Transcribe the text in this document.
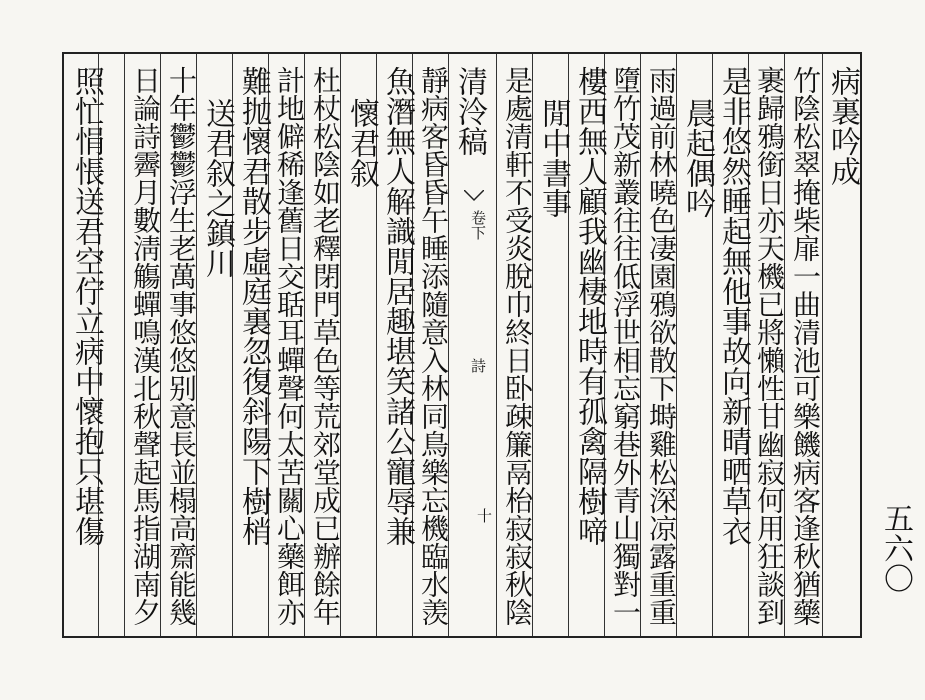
病裏吟成
竹陰松翠掩柴扉一曲清池可樂饑病客逢秋猶藥
裹歸鴉銜日亦天機已將懶性甘幽寂何用狂談到
是非悠然睡起無他事故向新晴晒草衣
晨起偶吟
雨過前林曉色凄園鴉欲散下塒雞松深凉露重重
墮竹茂新叢往往低浮世相忘窮巷外青山獨對一
樓西無人顧我幽棲地時有孤禽隔樹啼
閒中書事
是處清軒不受炎脫巾終日卧疎簾鬲枱寂寂秋陰
清泠稿
靜病客昏昏午睡添隨意入林同鳥樂忘機臨水羡
魚潛無人解識閒居趣堪笑諸公寵辱兼
懷君叙
杜杖松陰如老釋閉門草色等荒郊堂成已辦餘年
計地僻稀逢舊日交聒耳蟬聲何太苦關心藥餌亦
難抛懷君散步虛庭裏忽復斜陽下樹梢
送君叙之鎮川
十年鬱鬱浮生老萬事悠悠别意長並榻高齋能幾
日論詩霽月數淸觴蟬鳴漢北秋聲起馬指湖南夕
照忙悁悵送君空佇立病中懷抱只堪傷	卷下
詩
十	五六〇
